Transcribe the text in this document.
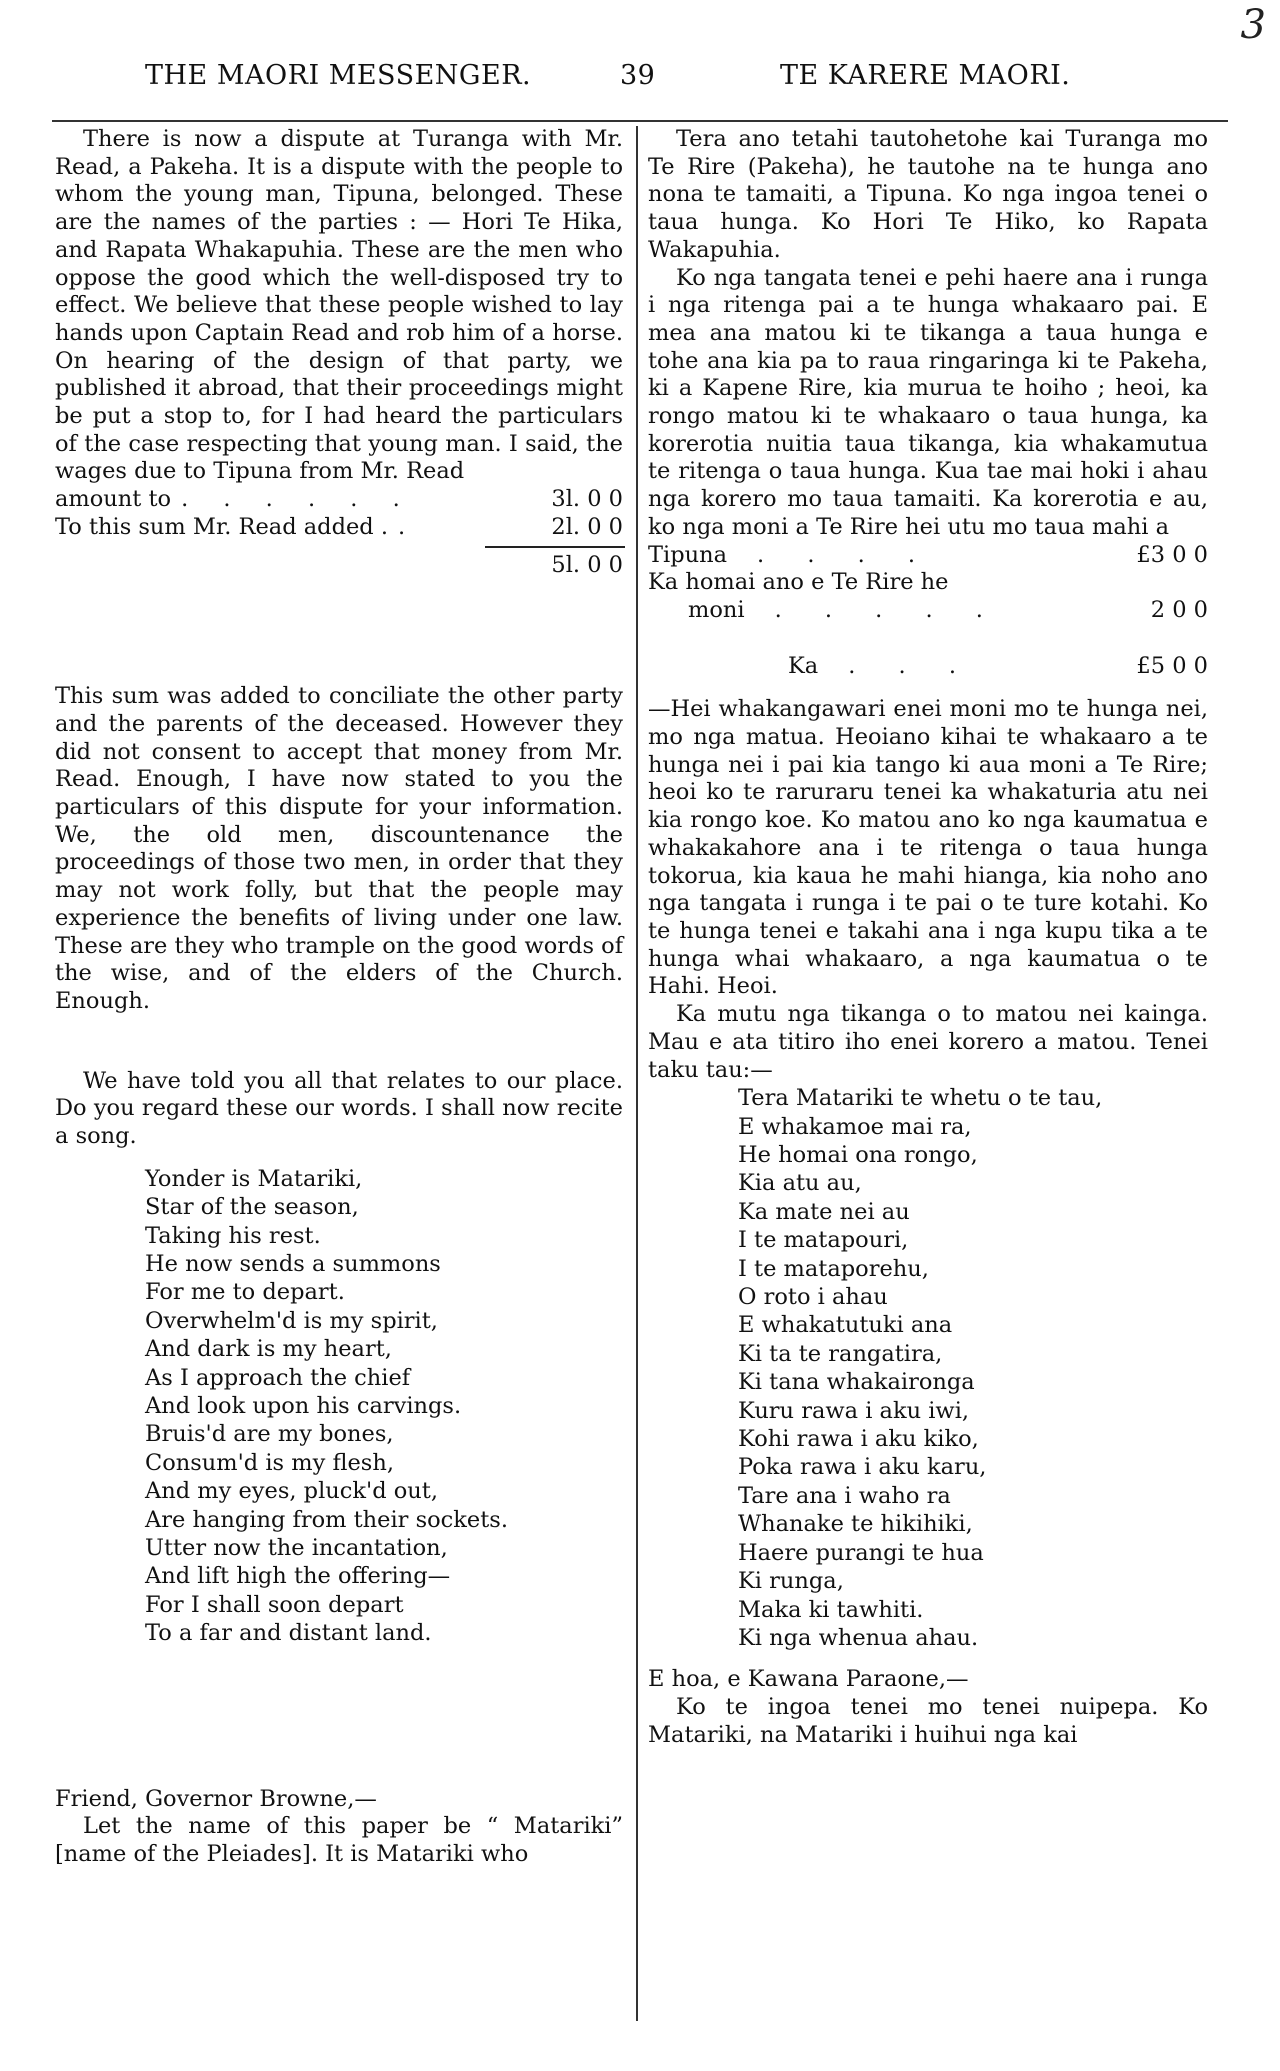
3
THE MAORI MESSENGER.	39	TE KARERE MAORI.

There is now a dispute at Turanga with Mr. Read, a Pakeha. It is a dispute with the people to whom the young man, Tipuna, belonged. These are the names of the parties : — Hori Te Hika, and Rapata Whakapuhia. These are the men who oppose the good which the well-disposed try to effect. We believe that these people wished to lay hands upon Captain Read and rob him of a horse. On hearing of the design of that party, we published it abroad, that their proceedings might be put a stop to, for I had heard the particulars of the case respecting that young man. I said, the wages due to Tipuna from Mr. Read

amount to . . . . . .	3l. 0 0
To this sum Mr. Read added . .	2l. 0 0
5l. 0 0

This sum was added to conciliate the other party and the parents of the deceased. However they did not consent to accept that money from Mr. Read. Enough, I have now stated to you the particulars of this dispute for your information. We, the old men, discountenance the proceedings of those two men, in order that they may not work folly, but that the people may experience the benefits of living under one law. These are they who trample on the good words of the wise, and of the elders of the Church. Enough.

We have told you all that relates to our place. Do you regard these our words. I shall now recite a song.

Yonder is Matariki,
Star of the season,
Taking his rest.
He now sends a summons
For me to depart.
Overwhelm'd is my spirit,
And dark is my heart,
As I approach the chief
And look upon his carvings.
Bruis'd are my bones,
Consum'd is my flesh,
And my eyes, pluck'd out,
Are hanging from their sockets.
Utter now the incantation,
And lift high the offering—
For I shall soon depart
To a far and distant land.

Friend, Governor Browne,—

Let the name of this paper be “ Matariki” [name of the Pleiades]. It is Matariki who

Tera ano tetahi tautohetohe kai Turanga mo Te Rire (Pakeha), he tautohe na te hunga ano nona te tamaiti, a Tipuna. Ko nga ingoa tenei o taua hunga. Ko Hori Te Hiko, ko Rapata Wakapuhia.

Ko nga tangata tenei e pehi haere ana i runga i nga ritenga pai a te hunga whakaaro pai. E mea ana matou ki te tikanga a taua hunga e tohe ana kia pa to raua ringaringa ki te Pakeha, ki a Kapene Rire, kia murua te hoiho ; heoi, ka rongo matou ki te whakaaro o taua hunga, ka korerotia nuitia taua tikanga, kia whakamutua te ritenga o taua hunga. Kua tae mai hoki i ahau nga korero mo taua tamaiti. Ka korerotia e au, ko nga moni a Te Rire hei utu mo taua mahi a

Tipuna	. . . .	£3 0 0
Ka homai ano e Te Rire he
moni	. . . . .	2 0 0
Ka	. . .	£5 0 0

—Hei whakangawari enei moni mo te hunga nei, mo nga matua. Heoiano kihai te whakaaro a te hunga nei i pai kia tango ki aua moni a Te Rire; heoi ko te raruraru tenei ka whakaturia atu nei kia rongo koe. Ko matou ano ko nga kaumatua e whakakahore ana i te ritenga o taua hunga tokorua, kia kaua he mahi hianga, kia noho ano nga tangata i runga i te pai o te ture kotahi. Ko te hunga tenei e takahi ana i nga kupu tika a te hunga whai whakaaro, a nga kaumatua o te Hahi. Heoi.

Ka mutu nga tikanga o to matou nei kainga. Mau e ata titiro iho enei korero a matou. Tenei taku tau:—

Tera Matariki te whetu o te tau,
E whakamoe mai ra,
He homai ona rongo,
Kia atu au,
Ka mate nei au
I te matapouri,
I te mataporehu,
O roto i ahau
E whakatutuki ana
Ki ta te rangatira,
Ki tana whakaironga
Kuru rawa i aku iwi,
Kohi rawa i aku kiko,
Poka rawa i aku karu,
Tare ana i waho ra
Whanake te hikihiki,
Haere purangi te hua
Ki runga,
Maka ki tawhiti.
Ki nga whenua ahau.

E hoa, e Kawana Paraone,—

Ko te ingoa tenei mo tenei nuipepa. Ko Matariki, na Matariki i huihui nga kai
